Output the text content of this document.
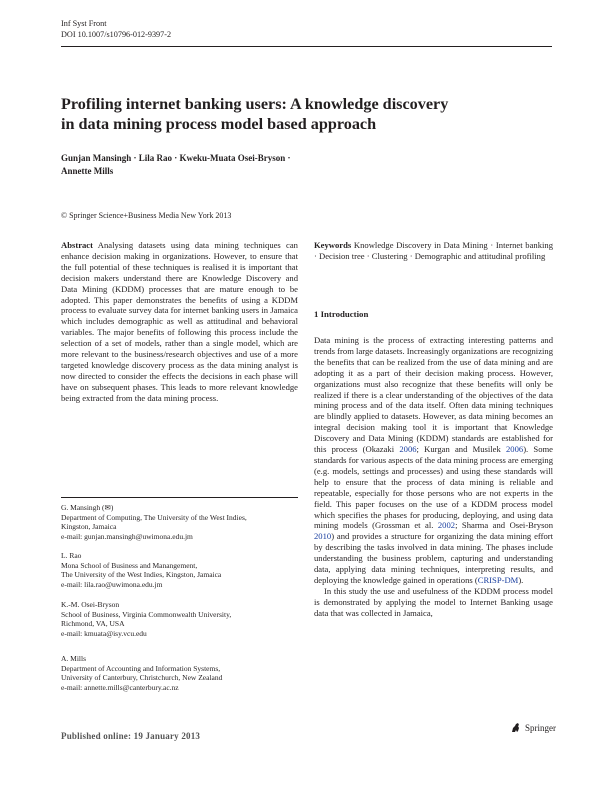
Inf Syst Front
DOI 10.1007/s10796-012-9397-2
Profiling internet banking users: A knowledge discovery
in data mining process model based approach
Gunjan Mansingh · Lila Rao · Kweku-Muata Osei-Bryson ·
Annette Mills
© Springer Science+Business Media New York 2013
Abstract Analysing datasets using data mining techniques can enhance decision making in organizations. However, to ensure that the full potential of these techniques is realised it is important that decision makers understand there are Knowledge Discovery and Data Mining (KDDM) processes that are mature enough to be adopted. This paper demonstrates the benefits of using a KDDM process to evaluate survey data for internet banking users in Jamaica which includes demographic as well as attitudinal and behavioral variables. The major benefits of following this process include the selection of a set of models, rather than a single model, which are more relevant to the business/research objectives and use of a more targeted knowledge discovery process as the data mining analyst is now directed to consider the effects the decisions in each phase will have on subsequent phases. This leads to more relevant knowledge being extracted from the data mining process.
Keywords Knowledge Discovery in Data Mining · Internet banking · Decision tree · Clustering · Demographic and attitudinal profiling
1 Introduction

Data mining is the process of extracting interesting patterns and trends from large datasets. Increasingly organizations are recognizing the benefits that can be realized from the use of data mining and are adopting it as a part of their decision making process. However, organizations must also recognize that these benefits will only be realized if there is a clear understanding of the objectives of the data mining process and of the data itself. Often data mining techniques are blindly applied to datasets. However, as data mining becomes an integral decision making tool it is important that Knowledge Discovery and Data Mining (KDDM) standards are established for this process (Okazaki 2006; Kurgan and Musilek 2006). Some standards for various aspects of the data mining process are emerging (e.g. models, settings and processes) and using these standards will help to ensure that the process of data mining is reliable and repeatable, especially for those persons who are not experts in the field. This paper focuses on the use of a KDDM process model which specifies the phases for producing, deploying, and using data mining models (Grossman et al. 2002; Sharma and Osei-Bryson 2010) and provides a structure for organizing the data mining effort by describing the tasks involved in data mining. The phases include understanding the business problem, capturing and understanding data, applying data mining techniques, interpreting results, and deploying the knowledge gained in operations (CRISP-DM).

In this study the use and usefulness of the KDDM process model is demonstrated by applying the model to Internet Banking usage data that was collected in Jamaica,

G. Mansingh (✉)
Department of Computing, The University of the West Indies,
Kingston, Jamaica
e-mail: gunjan.mansingh@uwimona.edu.jm
L. Rao
Mona School of Business and Manangement,
The University of the West Indies, Kingston, Jamaica
e-mail: lila.rao@uwimona.edu.jm
K.-M. Osei-Bryson
School of Business, Virginia Commonwealth University,
Richmond, VA, USA
e-mail: kmuata@isy.vcu.edu
A. Mills
Department of Accounting and Information Systems,
University of Canterbury, Christchurch, New Zealand
e-mail: annette.mills@canterbury.ac.nz
Published online: 19 January 2013
Springer
